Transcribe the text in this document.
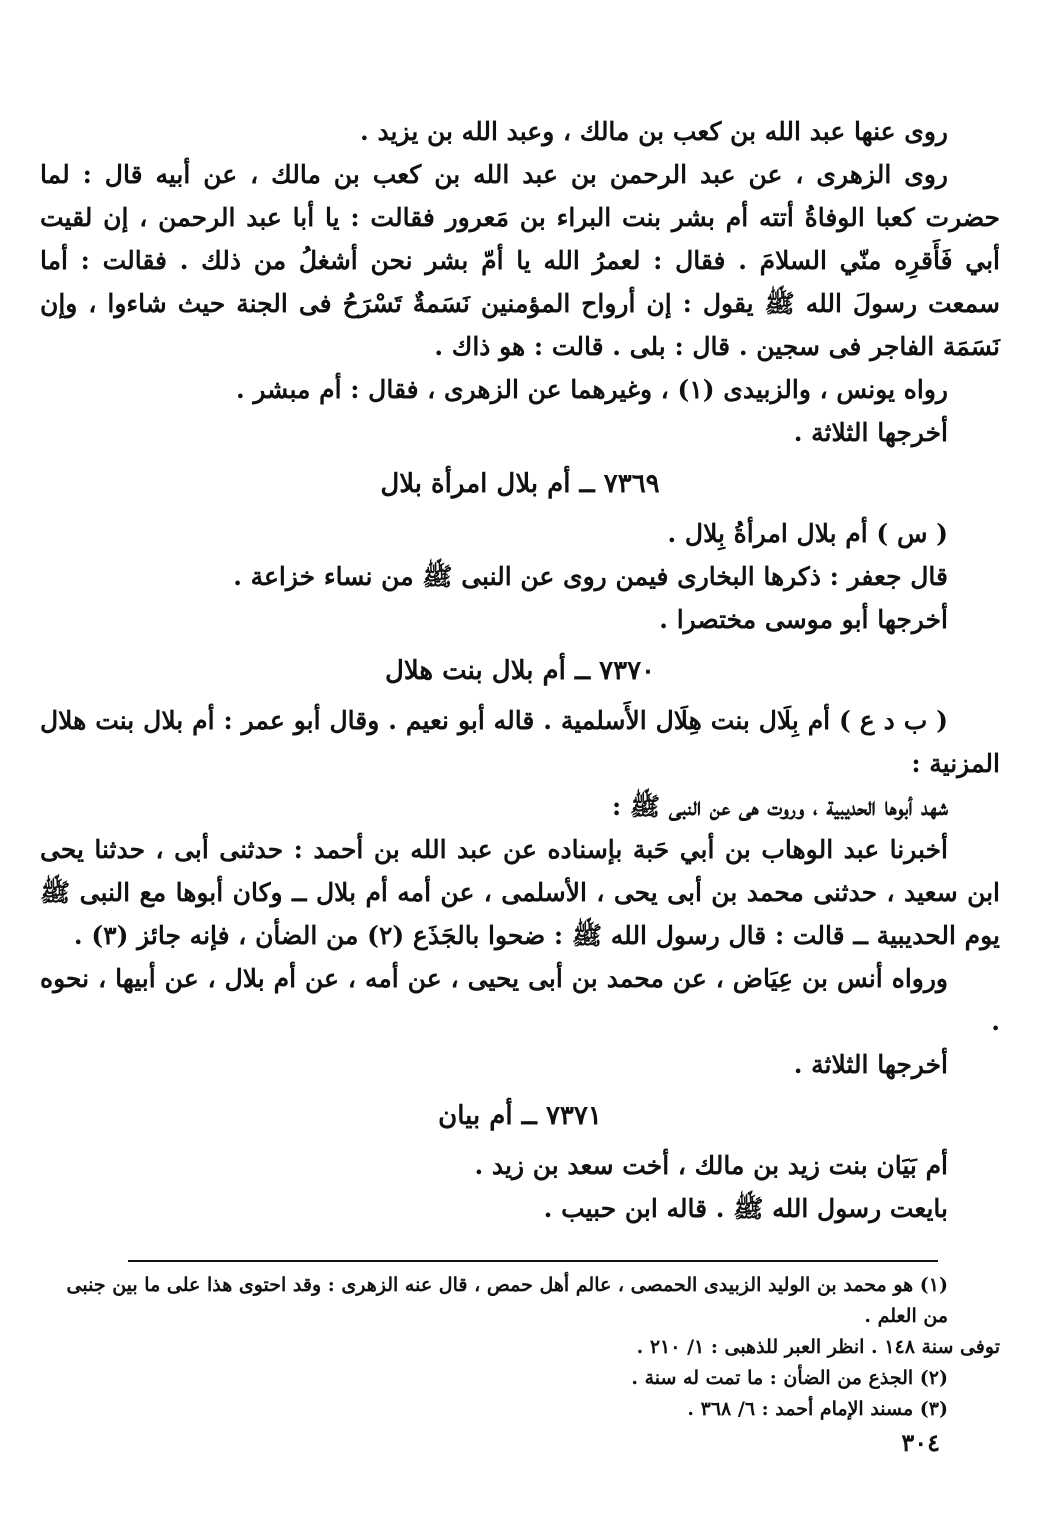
روى عنها عبد الله بن كعب بن مالك ، وعبد الله بن يزيد .

روى الزهرى ، عن عبد الرحمن بن عبد الله بن كعب بن مالك ، عن أبيه قال : لما حضرت كعبا الوفاةُ أتته أم بشر بنت البراء بن مَعرور فقالت : يا أبا عبد الرحمن ، إن لقيت أبي فَأَقرِه منّي السلامَ . فقال : لعمرُ الله يا أمّ بشر نحن أشغلُ من ذلك . فقالت : أما سمعت رسولَ الله ﷺ يقول : إن أرواح المؤمنين نَسَمةٌ تَسْرَحُ فى الجنة حيث شاءوا ، وإن نَسَمَة الفاجر فى سجين . قال : بلى . قالت : هو ذاك .

رواه يونس ، والزبيدى (١) ، وغيرهما عن الزهرى ، فقال : أم مبشر .

أخرجها الثلاثة .

٧٣٦٩ ــ أم بلال امرأة بلال

( س ) أم بلال امرأةُ بِلال .

قال جعفر : ذكرها البخارى فيمن روى عن النبى ﷺ من نساء خزاعة .

أخرجها أبو موسى مختصرا .

٧٣٧٠ ــ أم بلال بنت هلال

( ب د ع ) أم بِلَال بنت هِلَال الأَسلمية . قاله أبو نعيم . وقال أبو عمر : أم بلال بنت هلال المزنية :

شهد أبوها الحديبية ، وروت هى عن النبى ﷺ :

أخبرنا عبد الوهاب بن أبي حَبة بإسناده عن عبد الله بن أحمد : حدثنى أبى ، حدثنا يحى ابن سعيد ، حدثنى محمد بن أبى يحى ، الأسلمى ، عن أمه أم بلال ــ وكان أبوها مع النبى ﷺ يوم الحديبية ــ قالت : قال رسول الله ﷺ : ضحوا بالجَذَع (٢) من الضأن ، فإنه جائز (٣) .

ورواه أنس بن عِيَاض ، عن محمد بن أبى يحيى ، عن أمه ، عن أم بلال ، عن أبيها ، نحوه .

أخرجها الثلاثة .

٧٣٧١ ــ أم بيان

أم بَيَان بنت زيد بن مالك ، أخت سعد بن زيد .

بايعت رسول الله ﷺ . قاله ابن حبيب .

(١) هو محمد بن الوليد الزبيدى الحمصى ، عالم أهل حمص ، قال عنه الزهرى : وقد احتوى هذا على ما بين جنبى من العلم .

توفى سنة ١٤٨ . انظر العبر للذهبى : ١/ ٢١٠ .

(٢) الجذع من الضأن : ما تمت له سنة .

(٣) مسند الإمام أحمد : ٦/ ٣٦٨ .

٣٠٤
